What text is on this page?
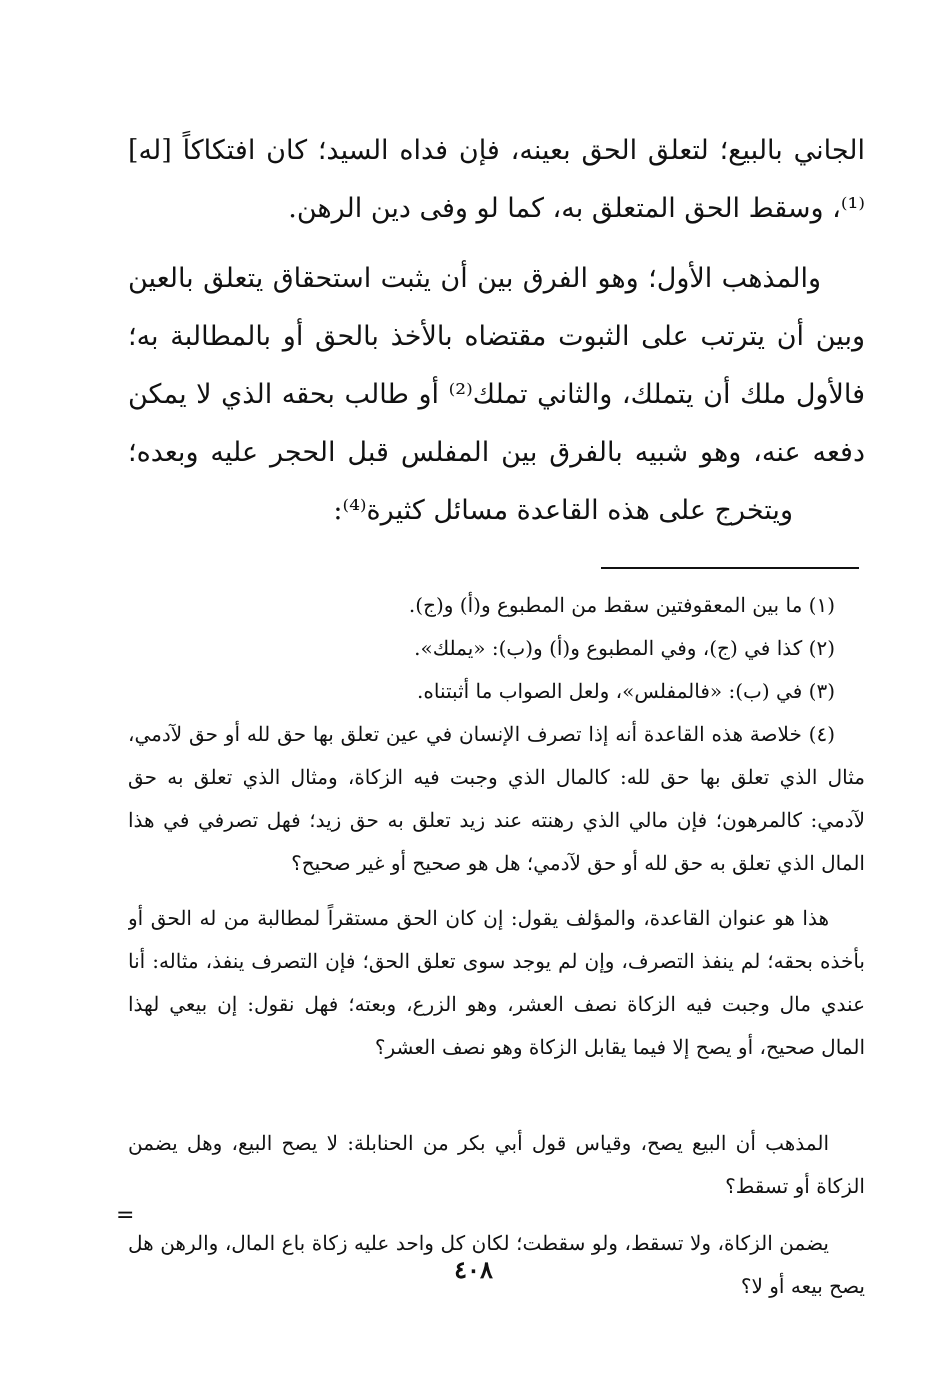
الجاني بالبيع؛ لتعلق الحق بعينه، فإن فداه السيد؛ كان افتكاكاً [له]⁽¹⁾، وسقط الحق المتعلق به، كما لو وفى دين الرهن.

والمذهب الأول؛ وهو الفرق بين أن يثبت استحقاق يتعلق بالعين وبين أن يترتب على الثبوت مقتضاه بالأخذ بالحق أو بالمطالبة به؛ فالأول ملك أن يتملك، والثاني تملك⁽²⁾ أو طالب بحقه الذي لا يمكن دفعه عنه، وهو شبيه بالفرق بين المفلس قبل الحجر عليه وبعده؛

ويتخرج على هذه القاعدة مسائل كثيرة⁽⁴⁾:

(١) ما بين المعقوفتين سقط من المطبوع و(أ) و(ج).

(٢) كذا في (ج)، وفي المطبوع و(أ) و(ب): «يملك».

(٣) في (ب): «فالمفلس»، ولعل الصواب ما أثبتناه.

(٤) خلاصة هذه القاعدة أنه إذا تصرف الإنسان في عين تعلق بها حق لله أو حق لآدمي، مثال الذي تعلق بها حق لله: كالمال الذي وجبت فيه الزكاة، ومثال الذي تعلق به حق لآدمي: كالمرهون؛ فإن مالي الذي رهنته عند زيد تعلق به حق زيد؛ فهل تصرفي في هذا المال الذي تعلق به حق لله أو حق لآدمي؛ هل هو صحيح أو غير صحيح؟

هذا هو عنوان القاعدة، والمؤلف يقول: إن كان الحق مستقراً لمطالبة من له الحق أو بأخذه بحقه؛ لم ينفذ التصرف، وإن لم يوجد سوى تعلق الحق؛ فإن التصرف ينفذ، مثاله: أنا عندي مال وجبت فيه الزكاة نصف العشر، وهو الزرع، وبعته؛ فهل نقول: إن بيعي لهذا المال صحيح، أو يصح إلا فيما يقابل الزكاة وهو نصف العشر؟

المذهب أن البيع يصح، وقياس قول أبي بكر من الحنابلة: لا يصح البيع، وهل يضمن الزكاة أو تسقط؟

يضمن الزكاة، ولا تسقط، ولو سقطت؛ لكان كل واحد عليه زكاة باع المال، والرهن هل يصح بيعه أو لا؟

=
٤٠٨
